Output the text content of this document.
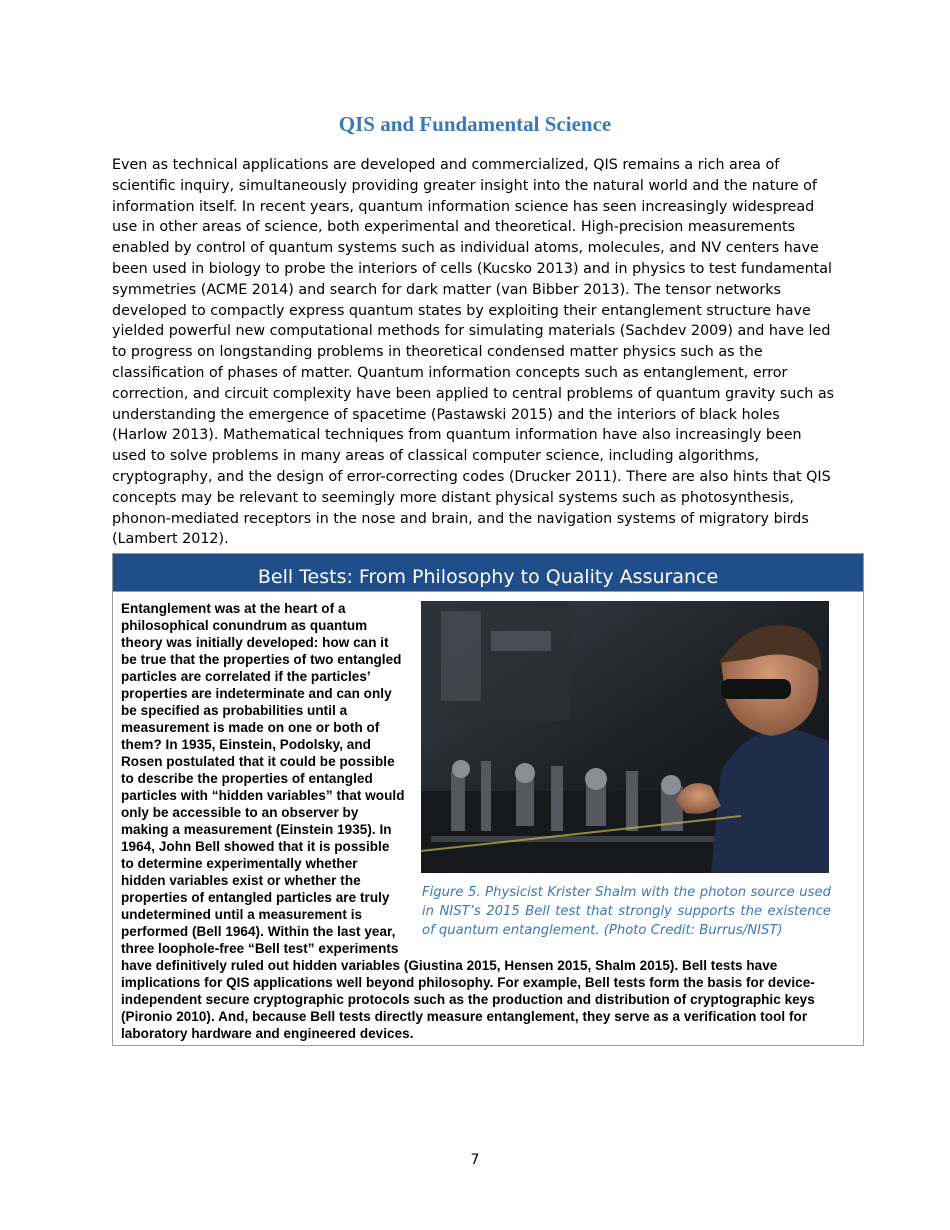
QIS and Fundamental Science

Even as technical applications are developed and commercialized, QIS remains a rich area of scientific inquiry, simultaneously providing greater insight into the natural world and the nature of information itself. In recent years, quantum information science has seen increasingly widespread use in other areas of science, both experimental and theoretical. High-precision measurements enabled by control of quantum systems such as individual atoms, molecules, and NV centers have been used in biology to probe the interiors of cells (Kucsko 2013) and in physics to test fundamental symmetries (ACME 2014) and search for dark matter (van Bibber 2013). The tensor networks developed to compactly express quantum states by exploiting their entanglement structure have yielded powerful new computational methods for simulating materials (Sachdev 2009) and have led to progress on longstanding problems in theoretical condensed matter physics such as the classification of phases of matter. Quantum information concepts such as entanglement, error correction, and circuit complexity have been applied to central problems of quantum gravity such as understanding the emergence of spacetime (Pastawski 2015) and the interiors of black holes (Harlow 2013). Mathematical techniques from quantum information have also increasingly been used to solve problems in many areas of classical computer science, including algorithms, cryptography, and the design of error-correcting codes (Drucker 2011). There are also hints that QIS concepts may be relevant to seemingly more distant physical systems such as photosynthesis, phonon-mediated receptors in the nose and brain, and the navigation systems of migratory birds (Lambert 2012).

Bell Tests: From Philosophy to Quality Assurance
Figure 5. Physicist Krister Shalm with the photon source used in NIST’s 2015 Bell test that strongly supports the existence of quantum entanglement. (Photo Credit: Burrus/NIST)

Entanglement was at the heart of a philosophical conundrum as quantum theory was initially developed: how can it be true that the properties of two entangled particles are correlated if the particles’ properties are indeterminate and can only be specified as probabilities until a measurement is made on one or both of them? In 1935, Einstein, Podolsky, and Rosen postulated that it could be possible to describe the properties of entangled particles with “hidden variables” that would only be accessible to an observer by making a measurement (Einstein 1935). In 1964, John Bell showed that it is possible to determine experimentally whether hidden variables exist or whether the properties of entangled particles are truly undetermined until a measurement is performed (Bell 1964). Within the last year, three loophole-free “Bell test” experiments have definitively ruled out hidden variables (Giustina 2015, Hensen 2015, Shalm 2015). Bell tests have implications for QIS applications well beyond philosophy. For example, Bell tests form the basis for device-independent secure cryptographic protocols such as the production and distribution of cryptographic keys (Pironio 2010). And, because Bell tests directly measure entanglement, they serve as a verification tool for laboratory hardware and engineered devices.

7
